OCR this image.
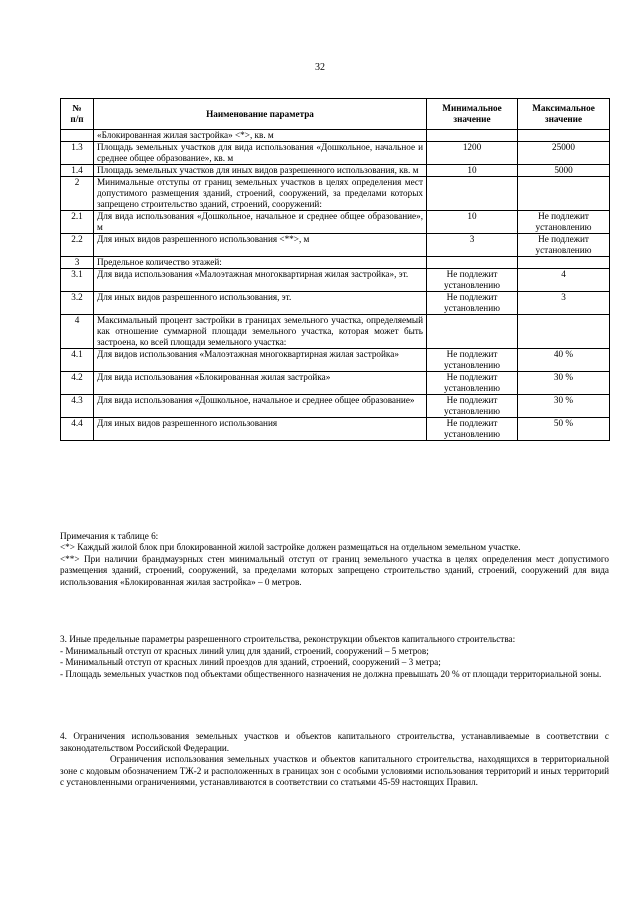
32
№
п/п	Наименование параметра	Минимальное значение	Максимальное значение
	«Блокированная жилая застройка» <*>, кв. м		
1.3	Площадь земельных участков для вида использования «Дошкольное, начальное и среднее общее образование», кв. м	1200	25000
1.4	Площадь земельных участков для иных видов разрешенного использования, кв. м	10	5000
2	Минимальные отступы от границ земельных участков в целях определения мест допустимого размещения зданий, строений, сооружений, за пределами которых запрещено строительство зданий, строений, сооружений:		
2.1	Для вида использования «Дошкольное, начальное и среднее общее образование», м	10	Не подлежит установлению
2.2	Для иных видов разрешенного использования <**>, м	3	Не подлежит установлению
3	Предельное количество этажей:		
3.1	Для вида использования «Малоэтажная многоквартирная жилая застройка», эт.	Не подлежит установлению	4
3.2	Для иных видов разрешенного использования, эт.	Не подлежит установлению	3
4	Максимальный процент застройки в границах земельного участка, определяемый как отношение суммарной площади земельного участка, которая может быть застроена, ко всей площади земельного участка:		
4.1	Для видов использования «Малоэтажная многоквартирная жилая застройка»	Не подлежит установлению	40 %
4.2	Для вида использования «Блокированная жилая застройка»	Не подлежит установлению	30 %
4.3	Для вида использования «Дошкольное, начальное и среднее общее образование»	Не подлежит установлению	30 %
4.4	Для иных видов разрешенного использования	Не подлежит установлению	50 %

Примечания к таблице 6:

<*> Каждый жилой блок при блокированной жилой застройке должен размещаться на отдельном земельном участке.

<**> При наличии брандмауэрных стен минимальный отступ от границ земельного участка в целях определения мест допустимого размещения зданий, строений, сооружений, за пределами которых запрещено строительство зданий, строений, сооружений для вида использования «Блокированная жилая застройка» – 0 метров.

3. Иные предельные параметры разрешенного строительства, реконструкции объектов капитального строительства:

- Минимальный отступ от красных линий улиц для зданий, строений, сооружений – 5 метров;

- Минимальный отступ от красных линий проездов для зданий, строений, сооружений – 3 метра;

- Площадь земельных участков под объектами общественного назначения не должна превышать 20 % от площади территориальной зоны.

4. Ограничения использования земельных участков и объектов капитального строительства, устанавливаемые в соответствии с законодательством Российской Федерации.

Ограничения использования земельных участков и объектов капитального строительства, находящихся в территориальной зоне с кодовым обозначением ТЖ-2 и расположенных в границах зон с особыми условиями использования территорий и иных территорий с установленными ограничениями, устанавливаются в соответствии со статьями 45-59 настоящих Правил.
